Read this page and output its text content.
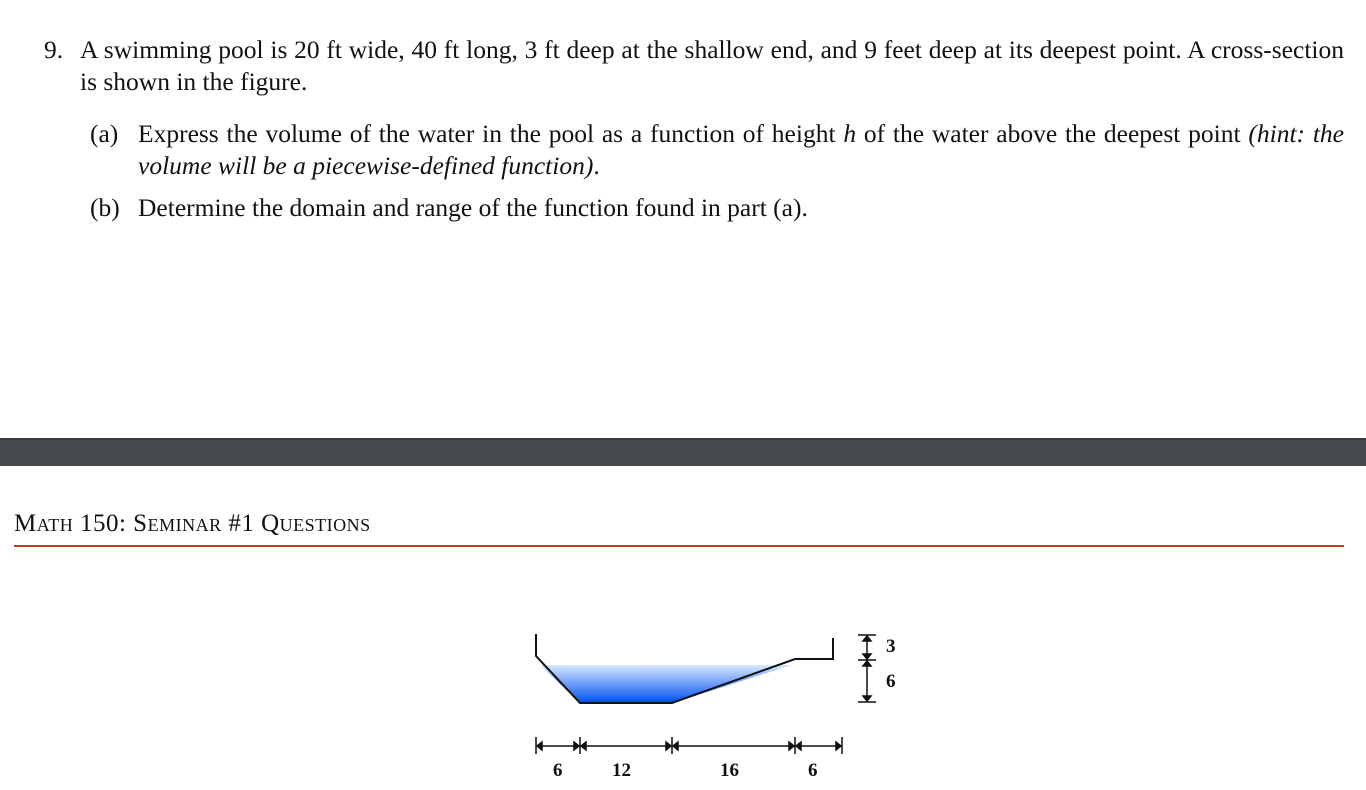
9. A swimming pool is 20 ft wide, 40 ft long, 3 ft deep at the shallow end, and 9 feet deep at its deepest point. A cross-section is shown in the figure.
(a) Express the volume of the water in the pool as a function of height h of the water above the deepest point (hint: the volume will be a piecewise-defined function).
(b) Determine the domain and range of the function found in part (a).
Math 150: Seminar #1 Questions
3
6
6	12	16	6
